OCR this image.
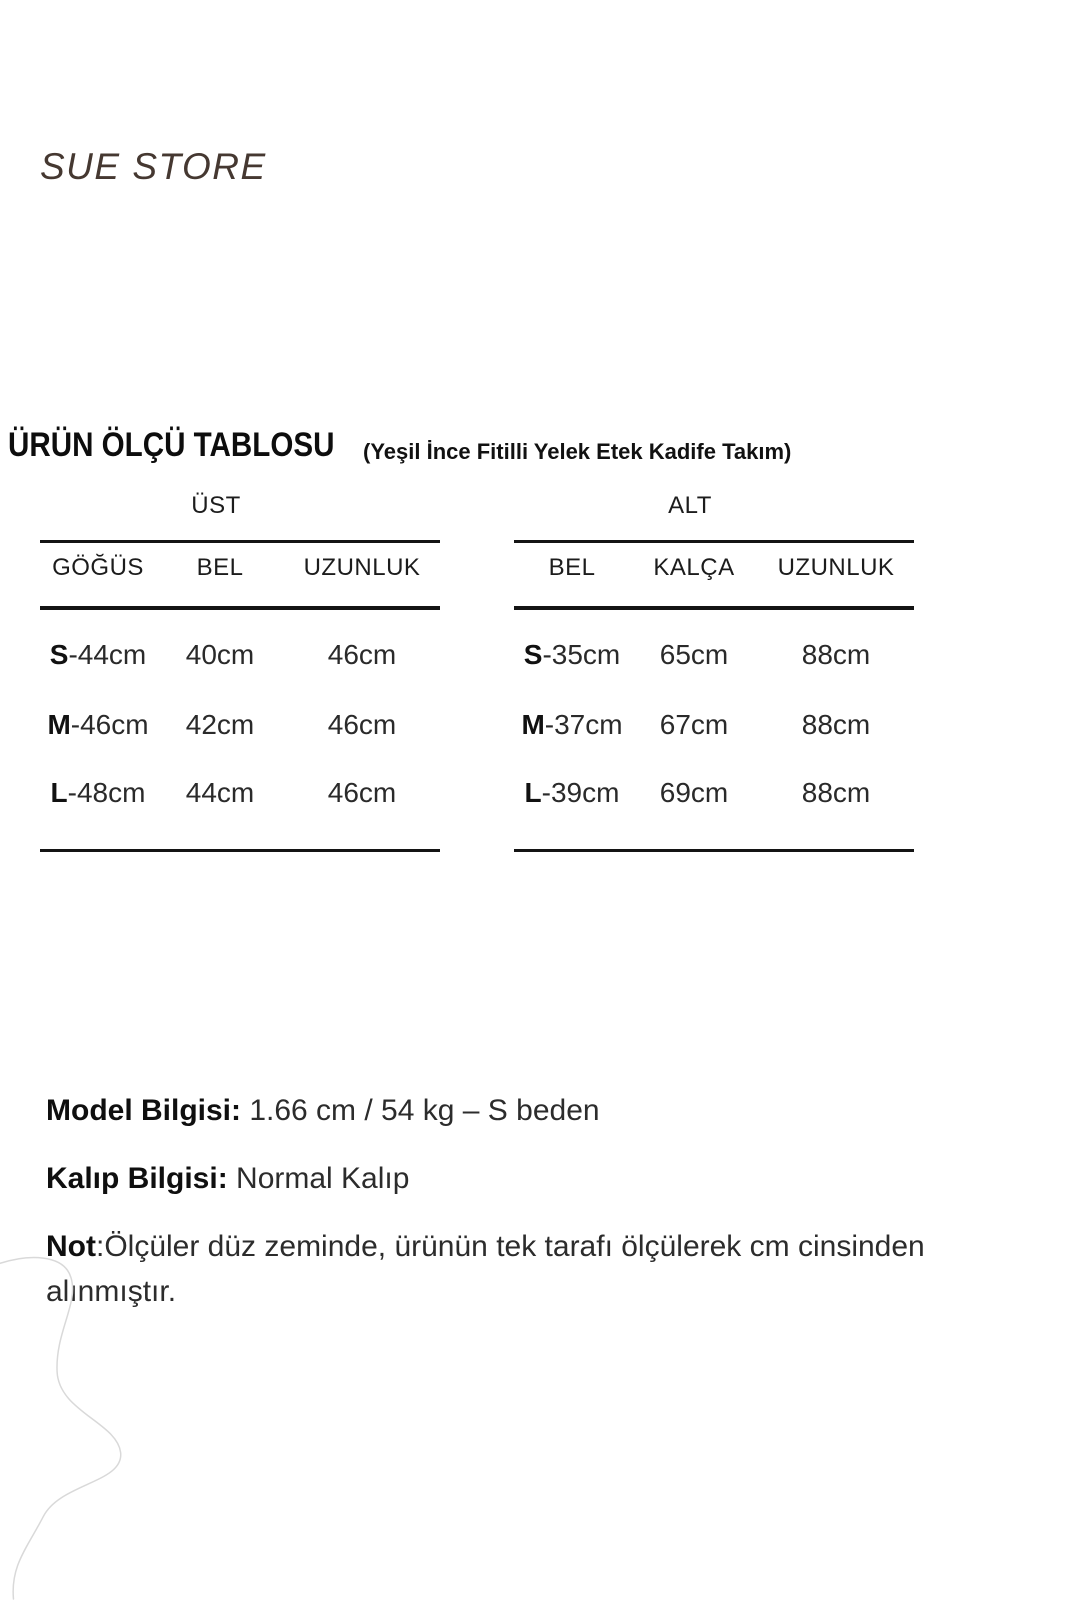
SUE STORE
ÜRÜN ÖLÇÜ TABLOSU (Yeşil İnce Fitilli Yelek Etek Kadife Takım)
ÜST
GÖĞÜS	BEL	UZUNLUK
S-44cm	40cm	46cm
M-46cm	42cm	46cm
L-48cm	44cm	46cm
ALT
BEL	KALÇA	UZUNLUK
S-35cm	65cm	88cm
M-37cm	67cm	88cm
L-39cm	69cm	88cm

Model Bilgisi: 1.66 cm / 54 kg – S beden

Kalıp Bilgisi: Normal Kalıp

Not:Ölçüler düz zeminde, ürünün tek tarafı ölçülerek cm cinsinden alınmıştır.
